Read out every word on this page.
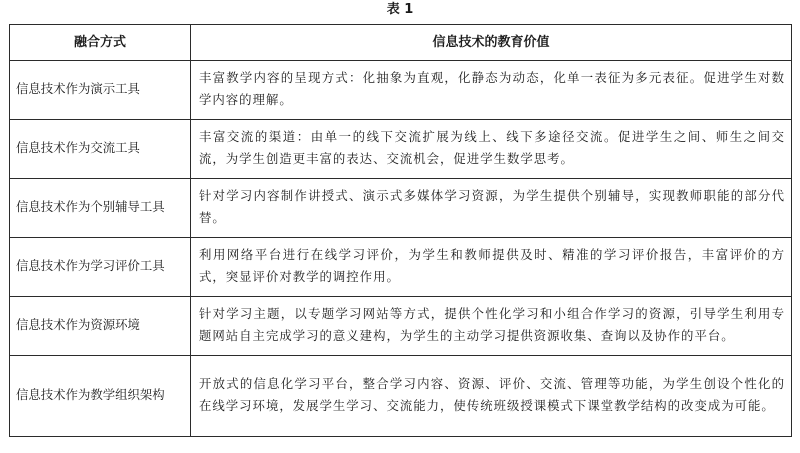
表 1
融合方式	信息技术的教育价值
信息技术作为演示工具	丰富教学内容的呈现方式：化抽象为直观，化静态为动态，化单一表征为多元表征。促进学生对数学内容的理解。
信息技术作为交流工具	丰富交流的渠道：由单一的线下交流扩展为线上、线下多途径交流。促进学生之间、师生之间交流，为学生创造更丰富的表达、交流机会，促进学生数学思考。
信息技术作为个别辅导工具	针对学习内容制作讲授式、演示式多媒体学习资源，为学生提供个别辅导，实现教师职能的部分代替。
信息技术作为学习评价工具	利用网络平台进行在线学习评价，为学生和教师提供及时、精准的学习评价报告，丰富评价的方式，突显评价对教学的调控作用。
信息技术作为资源环境	针对学习主题，以专题学习网站等方式，提供个性化学习和小组合作学习的资源，引导学生利用专题网站自主完成学习的意义建构，为学生的主动学习提供资源收集、查询以及协作的平台。
信息技术作为教学组织架构	开放式的信息化学习平台，整合学习内容、资源、评价、交流、管理等功能，为学生创设个性化的在线学习环境，发展学生学习、交流能力，使传统班级授课模式下课堂教学结构的改变成为可能。
